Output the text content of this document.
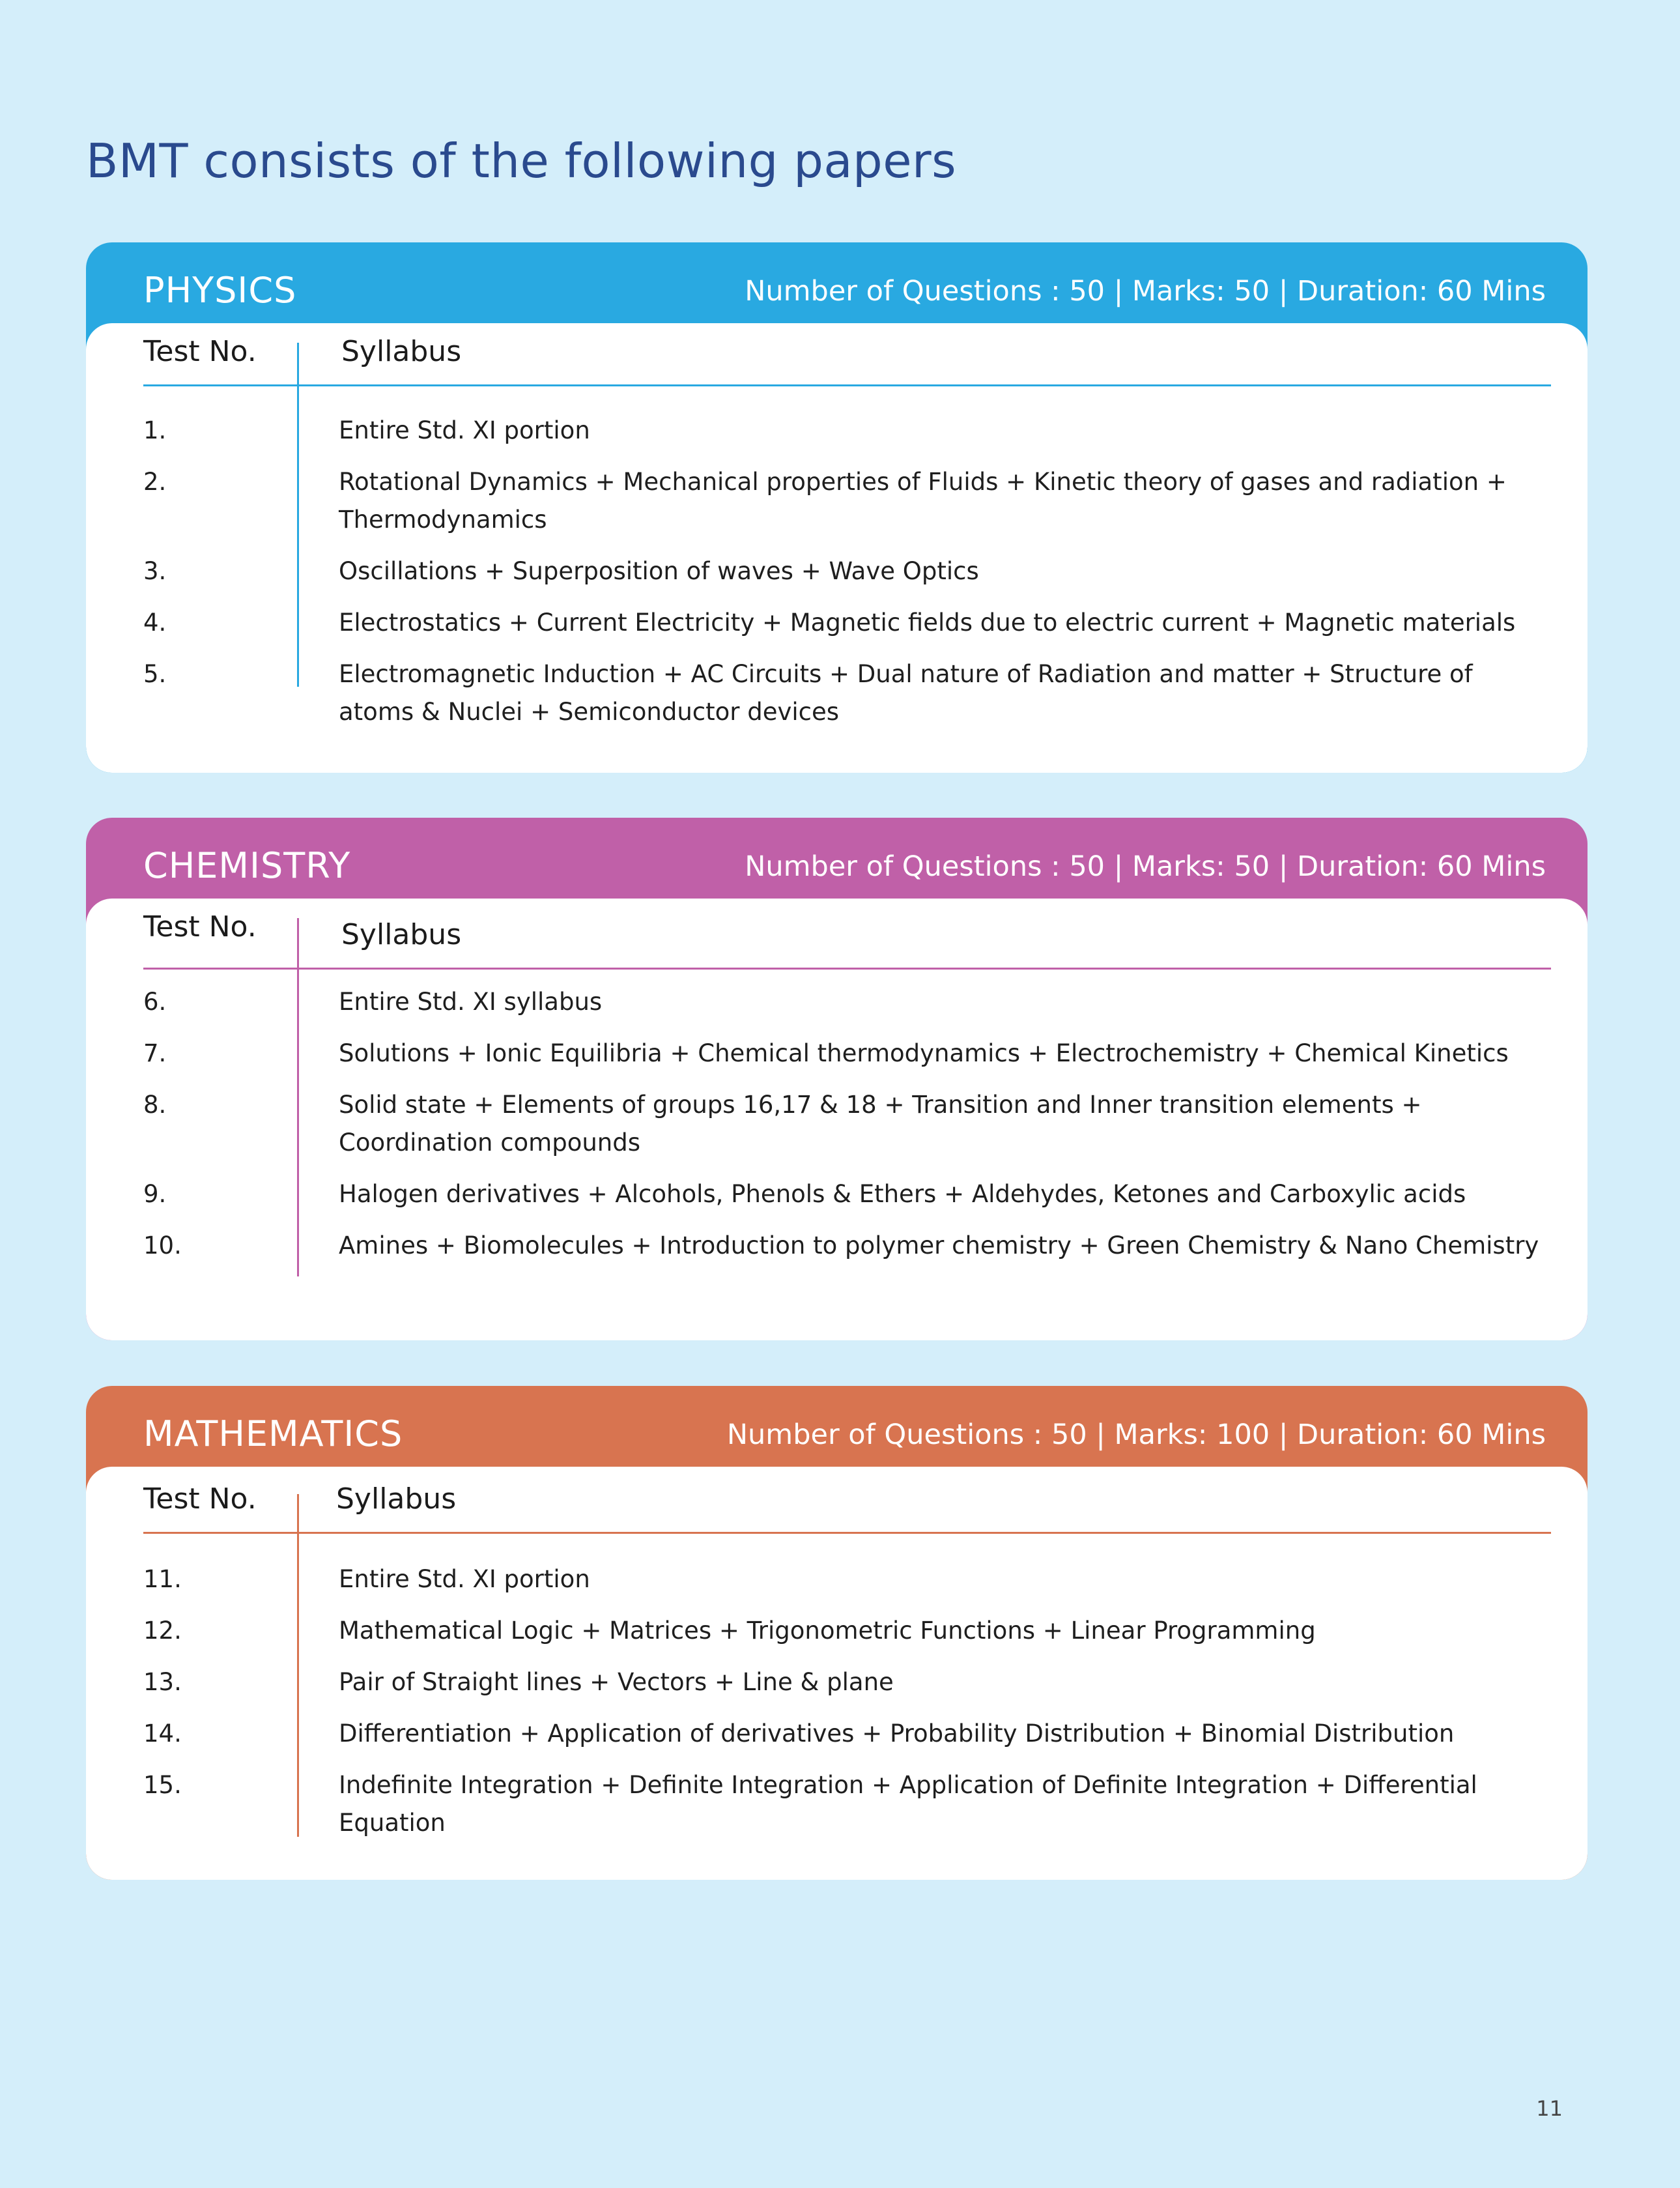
BMT consists of the following papers
PHYSICS	Number of Questions : 50 | Marks: 50 | Duration: 60 Mins
Test No.	Syllabus
1.	Entire Std. XI portion
2.	Rotational Dynamics + Mechanical properties of Fluids + Kinetic theory of gases and radiation + Thermodynamics
3.	Oscillations + Superposition of waves + Wave Optics
4.	Electrostatics + Current Electricity + Magnetic fields due to electric current + Magnetic materials
5.	Electromagnetic Induction + AC Circuits + Dual nature of Radiation and matter + Structure of atoms & Nuclei + Semiconductor devices
CHEMISTRY	Number of Questions : 50 | Marks: 50 | Duration: 60 Mins
Test No.	Syllabus
6.	Entire Std. XI syllabus
7.	Solutions + Ionic Equilibria + Chemical thermodynamics + Electrochemistry + Chemical Kinetics
8.	Solid state + Elements of groups 16,17 & 18 + Transition and Inner transition elements + Coordination compounds
9.	Halogen derivatives + Alcohols, Phenols & Ethers + Aldehydes, Ketones and Carboxylic acids
10.	Amines + Biomolecules + Introduction to polymer chemistry + Green Chemistry & Nano Chemistry
MATHEMATICS	Number of Questions : 50 | Marks: 100 | Duration: 60 Mins
Test No.	Syllabus
11.	Entire Std. XI portion
12.	Mathematical Logic + Matrices + Trigonometric Functions + Linear Programming
13.	Pair of Straight lines + Vectors + Line & plane
14.	Differentiation + Application of derivatives + Probability Distribution + Binomial Distribution
15.	Indefinite Integration + Definite Integration + Application of Definite Integration + Differential Equation
11
